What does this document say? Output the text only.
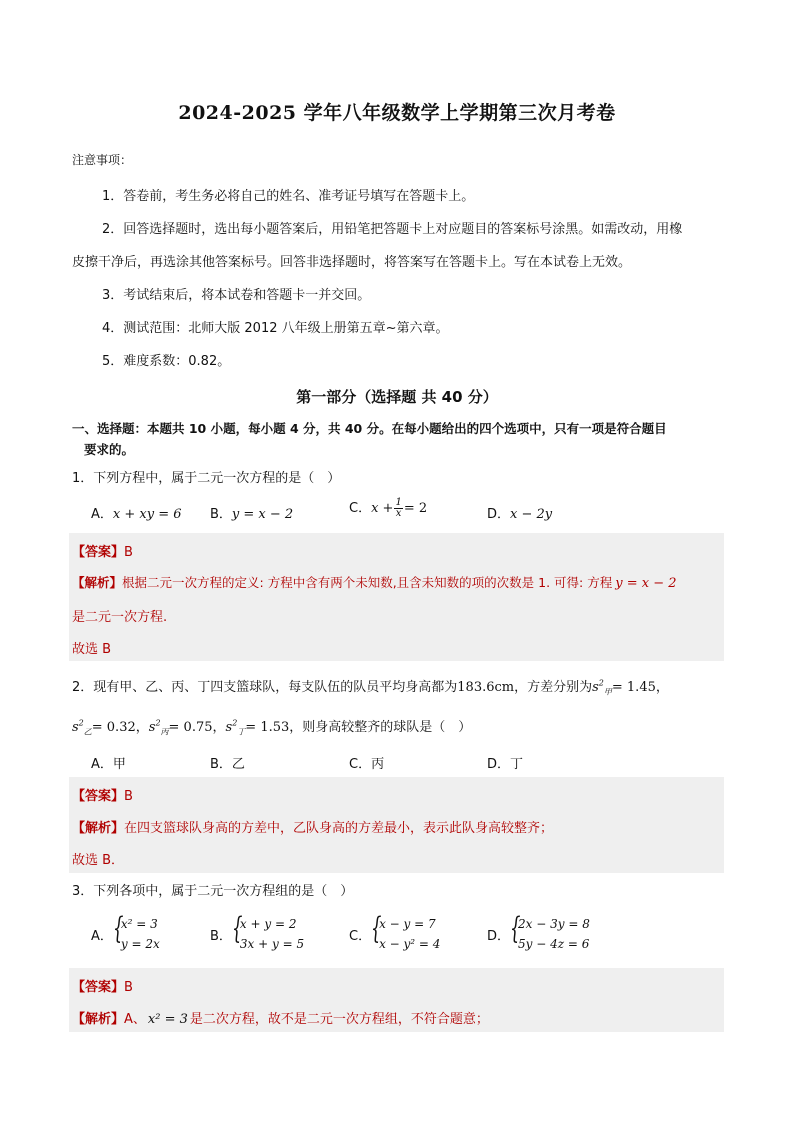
2024-2025 学年八年级数学上学期第三次月考卷
注意事项：
1．答卷前，考生务必将自己的姓名、准考证号填写在答题卡上。
2．回答选择题时，选出每小题答案后，用铅笔把答题卡上对应题目的答案标号涂黑。如需改动，用橡
皮擦干净后，再选涂其他答案标号。回答非选择题时，将答案写在答题卡上。写在本试卷上无效。
3．考试结束后，将本试卷和答题卡一并交回。
4．测试范围：北师大版 2012 八年级上册第五章~第六章。
5．难度系数：0.82。
第一部分（选择题 共 40 分）
一、选择题：本题共 10 小题，每小题 4 分，共 40 分。在每小题给出的四个选项中，只有一项是符合题目
要求的。
1．下列方程中，属于二元一次方程的是（　）
A．x + xy = 6 B．y = x − 2	C．$x + \frac{1}{x} = 2$	D．x − 2y
【答案】B
【解析】根据二元一次方程的定义: 方程中含有两个未知数,且含未知数的项的次数是 1. 可得: 方程 y = x − 2
是二元一次方程.
故选 B
2．现有甲、乙、丙、丁四支篮球队，每支队伍的队员平均身高都为183.6cm，方差分别为$s^2_甲= 1.45$，
$s^2_乙= 0.32$，$s^2_丙= 0.75$，$s^2_丁= 1.53$，则身高较整齐的球队是（　）
A．甲	B．乙	C．丙	D．丁
【答案】B
【解析】在四支篮球队身高的方差中，乙队身高的方差最小，表示此队身高较整齐；
故选 B．
3．下列各项中，属于二元一次方程组的是（　）
A． {
x² = 3
y = 2x
B． {
x + y = 2
3x + y = 5
C． {
x − y = 7
x − y² = 4
D． {
2x − 3y = 8
5y − 4z = 6
【答案】B
【解析】A、 x² = 3 是二次方程，故不是二元一次方程组，不符合题意；
